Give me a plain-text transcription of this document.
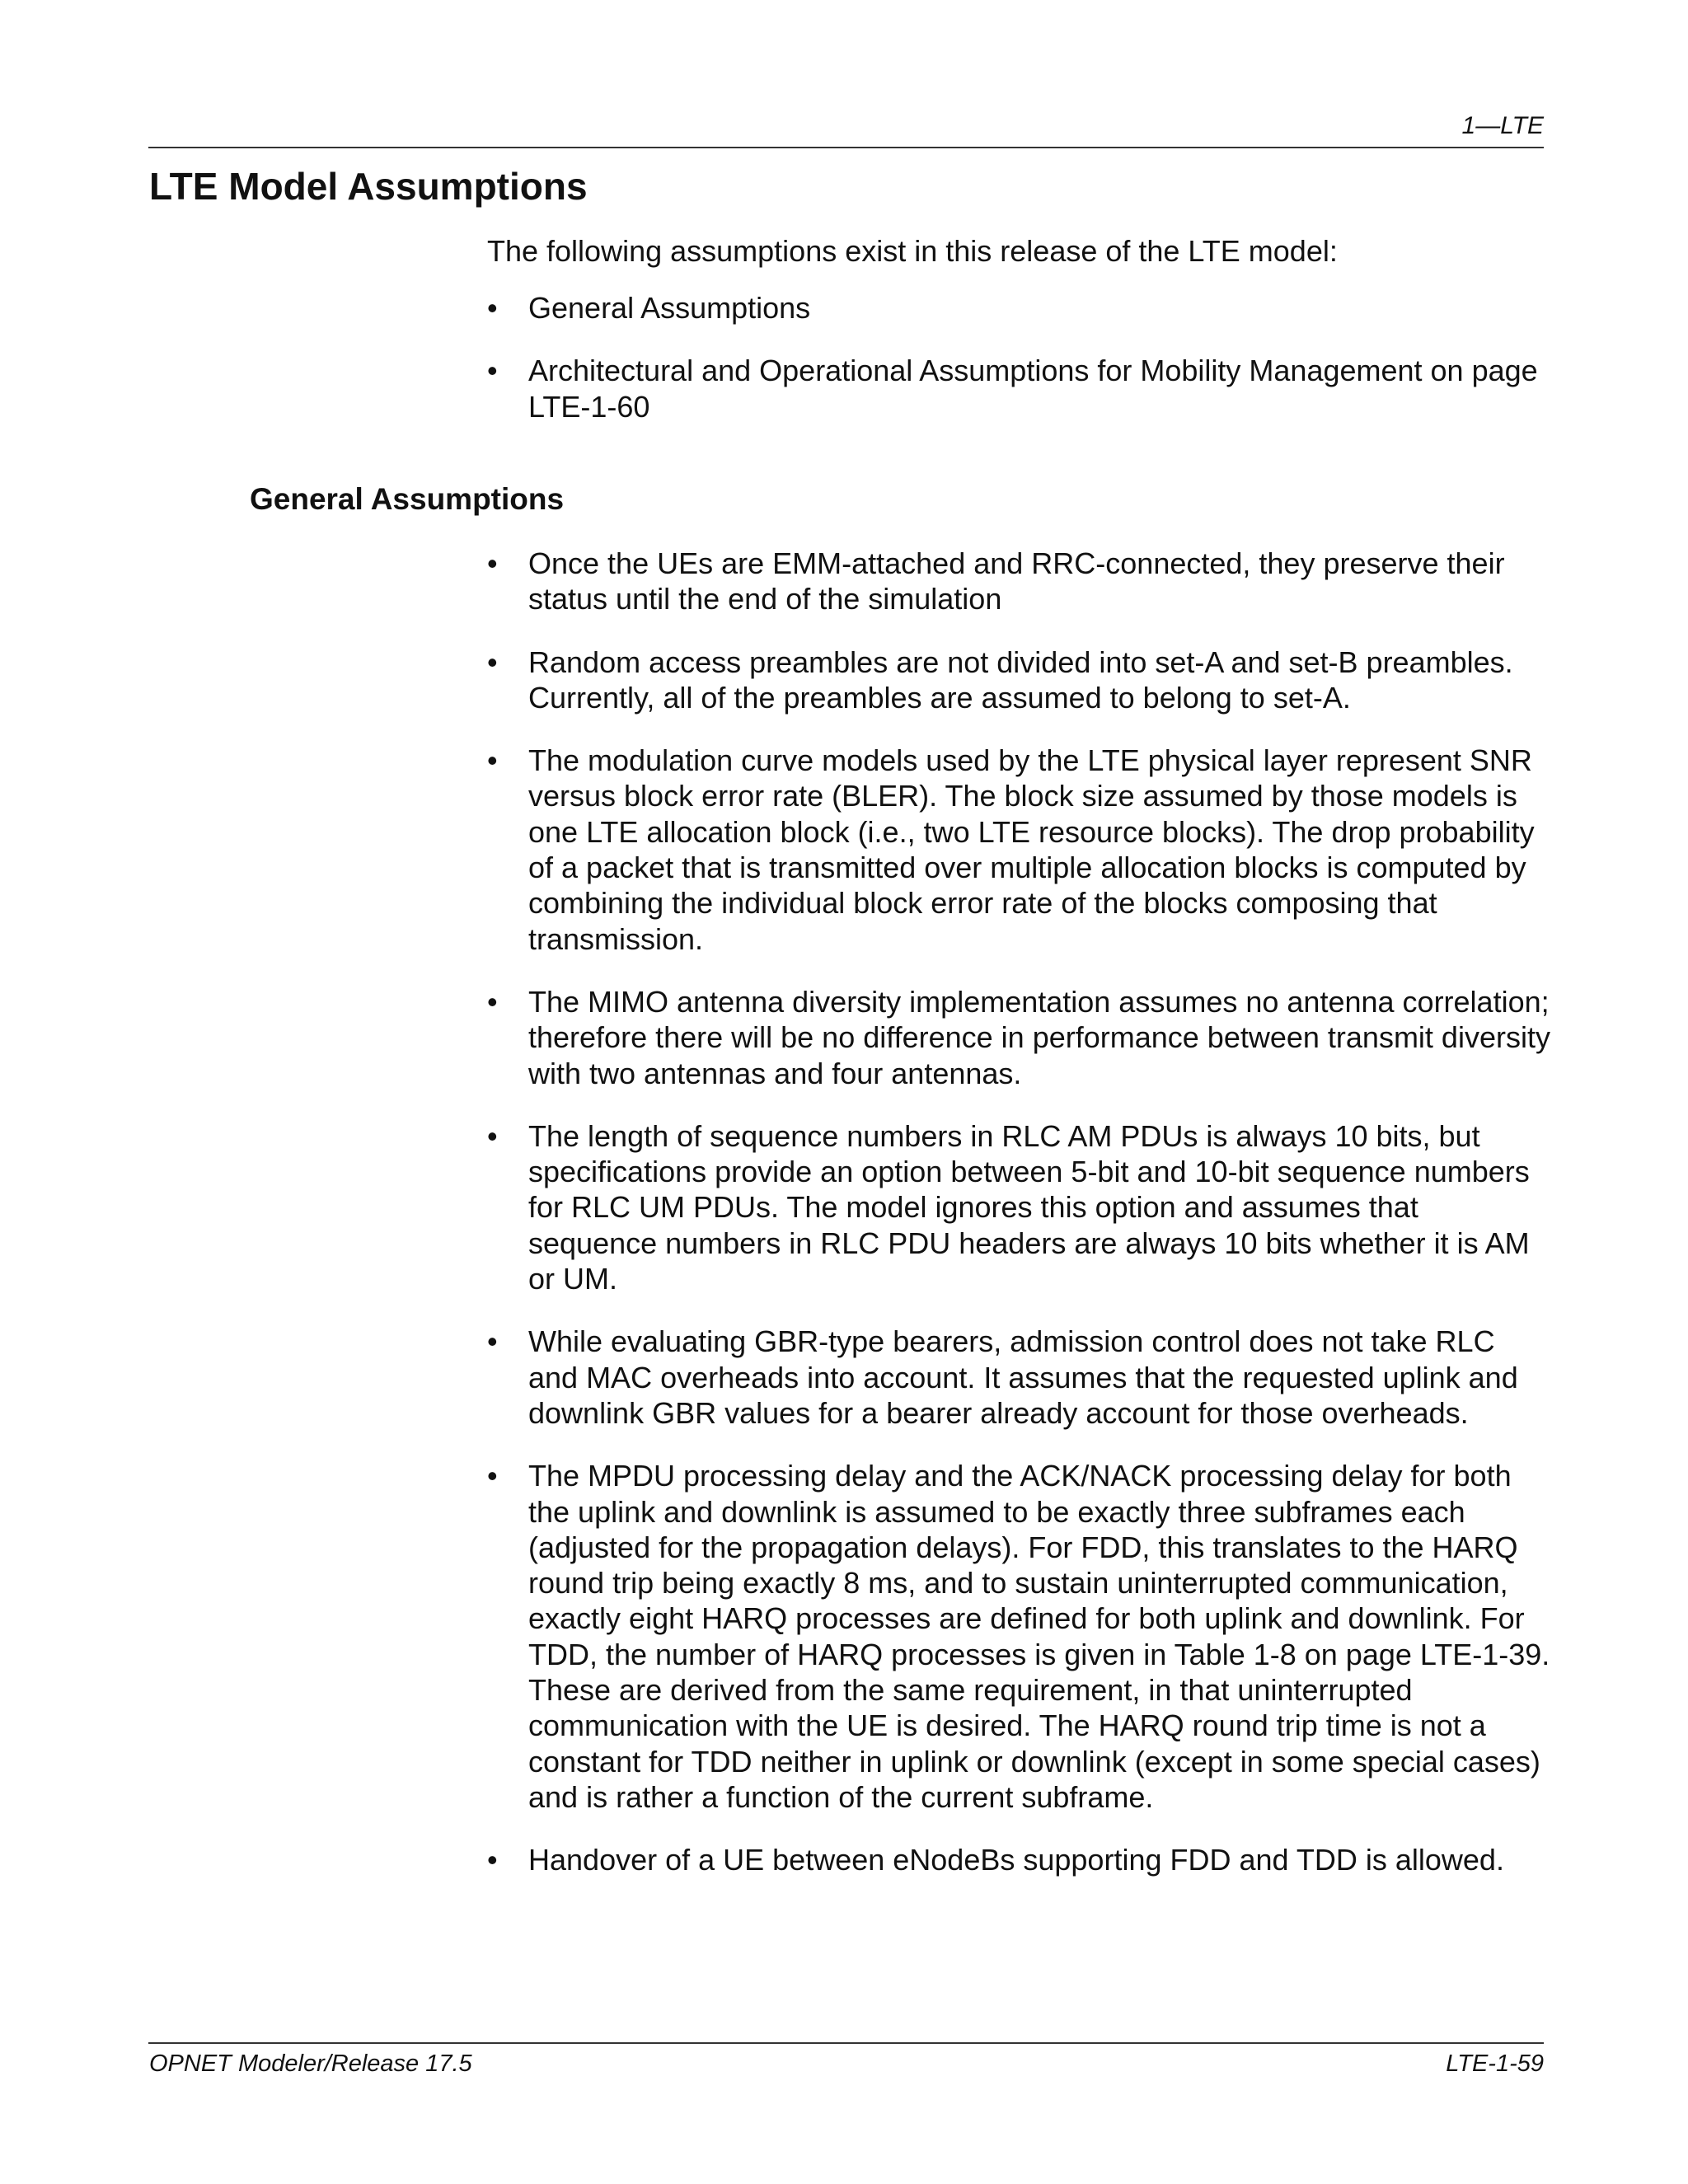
1—LTE
LTE Model Assumptions

The following assumptions exist in this release of the LTE model:

• General Assumptions
• Architectural and Operational Assumptions for Mobility Management on page LTE-1-60
General Assumptions
• Once the UEs are EMM-attached and RRC-connected, they preserve their status until the end of the simulation
• Random access preambles are not divided into set-A and set-B preambles. Currently, all of the preambles are assumed to belong to set-A.
• The modulation curve models used by the LTE physical layer represent SNR versus block error rate (BLER). The block size assumed by those models is one LTE allocation block (i.e., two LTE resource blocks). The drop probability of a packet that is transmitted over multiple allocation blocks is computed by combining the individual block error rate of the blocks composing that transmission.
• The MIMO antenna diversity implementation assumes no antenna correlation; therefore there will be no difference in performance between transmit diversity with two antennas and four antennas.
• The length of sequence numbers in RLC AM PDUs is always 10 bits, but specifications provide an option between 5-bit and 10-bit sequence numbers for RLC UM PDUs. The model ignores this option and assumes that sequence numbers in RLC PDU headers are always 10 bits whether it is AM or UM.
• While evaluating GBR-type bearers, admission control does not take RLC and MAC overheads into account. It assumes that the requested uplink and downlink GBR values for a bearer already account for those overheads.
• The MPDU processing delay and the ACK/NACK processing delay for both the uplink and downlink is assumed to be exactly three subframes each (adjusted for the propagation delays). For FDD, this translates to the HARQ round trip being exactly 8 ms, and to sustain uninterrupted communication, exactly eight HARQ processes are defined for both uplink and downlink. For TDD, the number of HARQ processes is given in Table 1-8 on page LTE-1-39. These are derived from the same requirement, in that uninterrupted communication with the UE is desired. The HARQ round trip time is not a constant for TDD neither in uplink or downlink (except in some special cases) and is rather a function of the current subframe.
• Handover of a UE between eNodeBs supporting FDD and TDD is allowed.
OPNET Modeler/Release 17.5	LTE-1-59
